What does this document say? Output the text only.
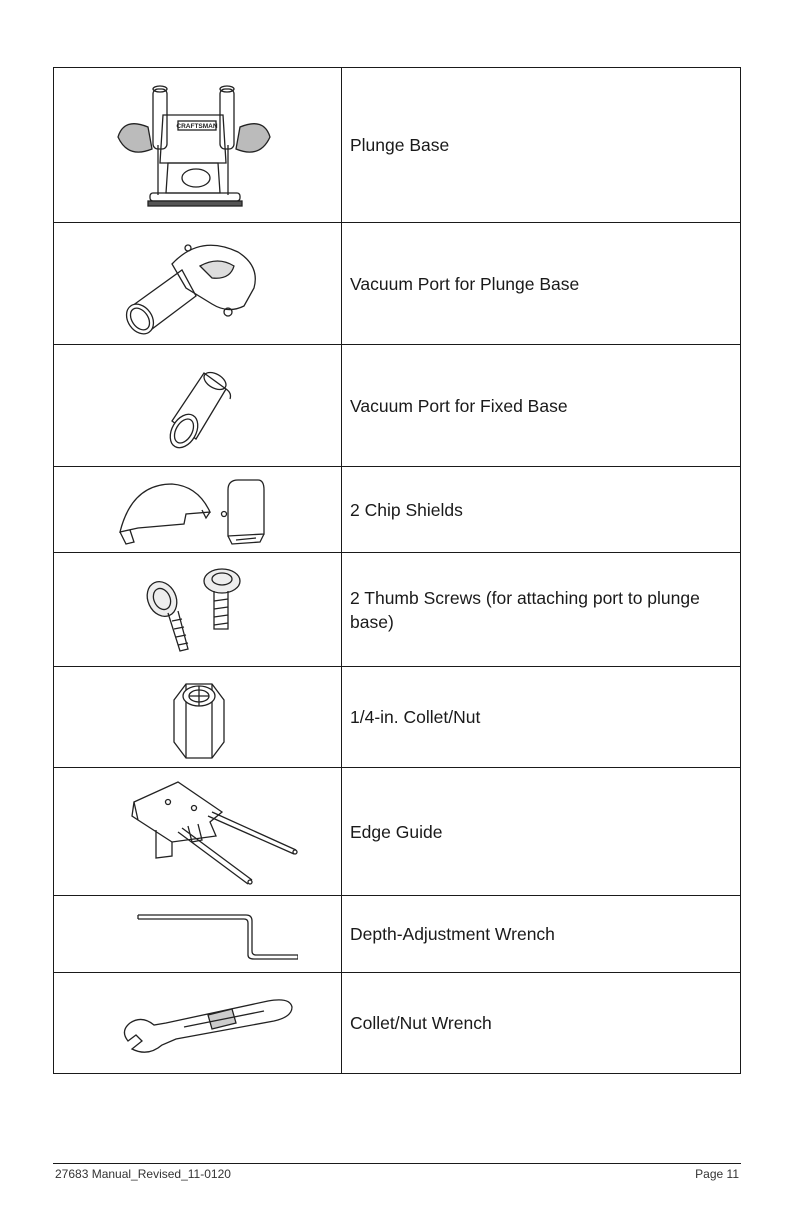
CRAFTSMAN	Plunge Base

	Vacuum Port for Plunge Base

	Vacuum Port for Fixed Base

	2 Chip Shields

	2 Thumb Screws (for attaching port to plunge base)

	1/4-in. Collet/Nut

	Edge Guide

	Depth-Adjustment Wrench

	Collet/Nut Wrench
27683 Manual_Revised_11-0120	Page 11
